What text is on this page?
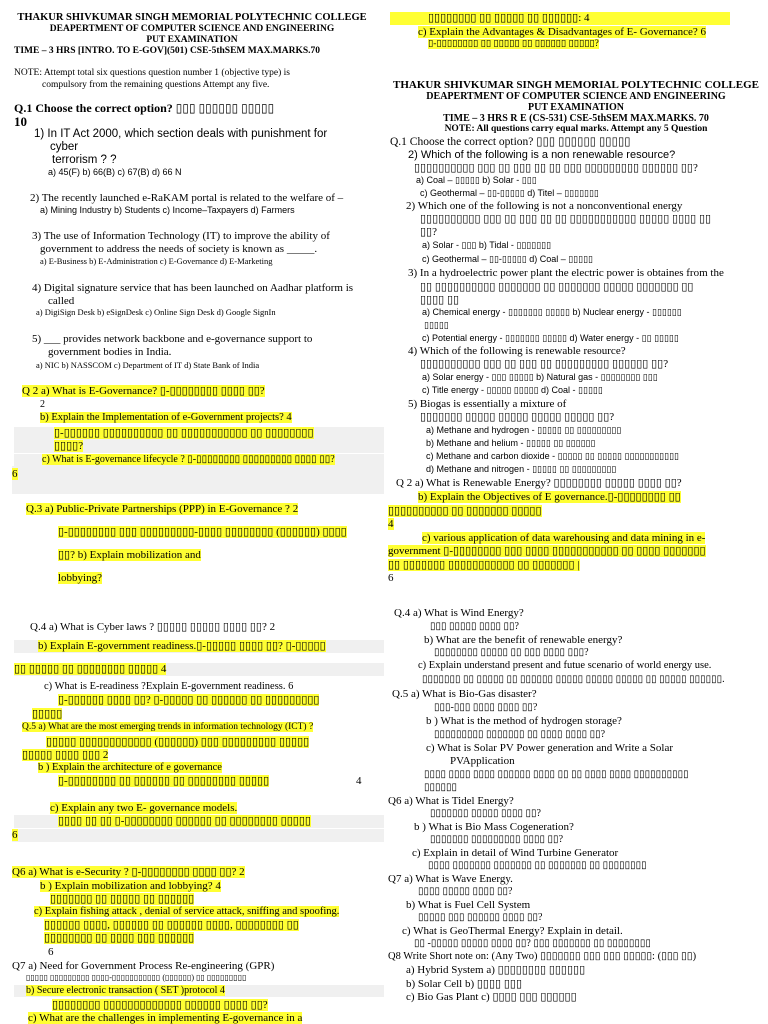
THAKUR SHIVKUMAR SINGH MEMORIAL POLYTECHNIC COLLEGE
DEAPERTMENT OF COMPUTER SCIENCE AND ENGINEERING
PUT EXAMINATION
TIME – 3 HRS [INTRO. TO E-GOV](501) CSE-5thSEM MAX.MARKS.70
NOTE: Attempt total six questions question number 1 (objective type) is
compulsory from the remaining questions Attempt any five.
Q.1 Choose the correct option? ▯▯▯ ▯▯▯▯▯▯ ▯▯▯▯▯
10
1) In IT Act 2000, which section deals with punishment for
cyber
terrorism ? ?
a) 45(F) b) 66(B) c) 67(B) d) 66 N
2) The recently launched e-RaKAM portal is related to the welfare of –
a) Mining Industry b) Students c) Income–Taxpayers d) Farmers
3) The use of Information Technology (IT) to improve the ability of
government to address the needs of society is known as _____.
a) E-Business b) E-Administration c) E-Governance d) E-Marketing
4) Digital signature service that has been launched on Aadhar platform is
called
a) DigiSign Desk b) eSignDesk c) Online Sign Desk d) Google SignIn
5) ___ provides network backbone and e-governance support to
government bodies in India.
a) NIC b) NASSCOM c) Department of IT d) State Bank of India
Q 2 a) What is E-Governance? ▯-▯▯▯▯▯▯▯▯ ▯▯▯▯ ▯▯?
2
b) Explain the Implementation of e-Government projects? 4
▯-▯▯▯▯▯▯ ▯▯▯▯▯▯▯▯▯▯ ▯▯ ▯▯▯▯▯▯▯▯▯▯▯ ▯▯ ▯▯▯▯▯▯▯▯
▯▯▯▯?
c) What is E-governance lifecycle ? ▯-▯▯▯▯▯▯▯▯ ▯▯▯▯▯▯▯▯▯ ▯▯▯▯ ▯▯?
6
Q.3 a) Public-Private Partnerships (PPP) in E-Governance ? 2
▯-▯▯▯▯▯▯▯▯ ▯▯▯ ▯▯▯▯▯▯▯▯▯-▯▯▯▯ ▯▯▯▯▯▯▯▯ (▯▯▯▯▯▯) ▯▯▯▯
▯▯? b) Explain mobilization and
lobbying?
Q.4 a) What is Cyber laws ? ▯▯▯▯▯ ▯▯▯▯▯ ▯▯▯▯ ▯▯? 2
b) Explain E-government readiness.▯-▯▯▯▯▯ ▯▯▯▯ ▯▯? ▯-▯▯▯▯▯
▯▯ ▯▯▯▯▯ ▯▯ ▯▯▯▯▯▯▯▯ ▯▯▯▯▯ 4
c) What is E-readiness ?Explain E-government readiness. 6
▯-▯▯▯▯▯▯ ▯▯▯▯ ▯▯? ▯-▯▯▯▯▯ ▯▯ ▯▯▯▯▯▯ ▯▯ ▯▯▯▯▯▯▯▯▯
▯▯▯▯▯
Q.5 a) What are the most emerging trends in information technology (ICT) ?
▯▯▯▯▯ ▯▯▯▯▯▯▯▯▯▯▯▯ (▯▯▯▯▯▯) ▯▯▯ ▯▯▯▯▯▯▯▯▯ ▯▯▯▯▯
▯▯▯▯▯ ▯▯▯▯ ▯▯▯ 2
b ) Explain the architecture of e governance
▯-▯▯▯▯▯▯▯▯ ▯▯ ▯▯▯▯▯▯ ▯▯ ▯▯▯▯▯▯▯▯ ▯▯▯▯▯	4
c) Explain any two E- governance models.
▯▯▯▯ ▯▯ ▯▯ ▯-▯▯▯▯▯▯▯▯ ▯▯▯▯▯▯ ▯▯ ▯▯▯▯▯▯▯▯ ▯▯▯▯▯
6
Q6 a) What is e-Security ? ▯-▯▯▯▯▯▯▯▯ ▯▯▯▯ ▯▯? 2
b ) Explain mobilization and lobbying? 4
▯▯▯▯▯▯▯ ▯▯ ▯▯▯▯▯ ▯▯ ▯▯▯▯▯▯
c) Explain fishing attack , denial of service attack, sniffing and spoofing.
▯▯▯▯▯▯ ▯▯▯▯, ▯▯▯▯▯▯ ▯▯ ▯▯▯▯▯▯ ▯▯▯▯, ▯▯▯▯▯▯▯▯ ▯▯
▯▯▯▯▯▯▯▯ ▯▯ ▯▯▯▯ ▯▯▯ ▯▯▯▯▯▯
6
Q7 a) Need for Government Process Re-engineering (GPR)
▯▯▯▯▯ ▯▯▯▯▯▯▯▯▯ ▯▯▯▯-▯▯▯▯▯▯▯▯▯▯▯ (▯▯▯▯▯▯) ▯▯ ▯▯▯▯▯▯▯▯▯
b) Secure electronic transaction ( SET )protocol 4
▯▯▯▯▯▯▯▯ ▯▯▯▯▯▯▯▯▯▯▯▯▯ ▯▯▯▯▯▯ ▯▯▯▯ ▯▯?
c) What are the challenges in implementing E-governance in a
▯▯▯▯▯▯▯▯ ▯▯ ▯▯▯▯▯ ▯▯ ▯▯▯▯▯▯: 4
c) Explain the Advantages & Disadvantages of E- Governance? 6
▯-▯▯▯▯▯▯▯▯ ▯▯ ▯▯▯▯▯ ▯▯ ▯▯▯▯▯▯ ▯▯▯▯▯?
THAKUR SHIVKUMAR SINGH MEMORIAL POLYTECHNIC COLLEGE
DEAPERTMENT OF COMPUTER SCIENCE AND ENGINEERING
PUT EXAMINATION
TIME – 3 HRS R E (CS-531) CSE-5thSEM MAX.MARKS. 70
NOTE: All questions carry equal marks. Attempt any 5 Question
Q.1 Choose the correct option? ▯▯▯ ▯▯▯▯▯▯ ▯▯▯▯▯
2) Which of the following is a non renewable resource?
▯▯▯▯▯▯▯▯▯▯ ▯▯▯ ▯▯ ▯▯▯ ▯▯ ▯▯ ▯▯▯ ▯▯▯▯▯▯▯▯▯ ▯▯▯▯▯▯ ▯▯?
a) Coal – ▯▯▯▯▯ b) Solar - ▯▯▯
c) Geothermal – ▯▯-▯▯▯▯▯ d) Titel – ▯▯▯▯▯▯▯
2) Which one of the following is not a nonconventional energy
▯▯▯▯▯▯▯▯▯▯ ▯▯▯ ▯▯ ▯▯▯ ▯▯ ▯▯ ▯▯▯▯▯▯▯▯▯▯▯ ▯▯▯▯▯ ▯▯▯▯ ▯▯
▯▯?
a) Solar - ▯▯▯ b) Tidal - ▯▯▯▯▯▯▯
c) Geothermal – ▯▯-▯▯▯▯▯ d) Coal – ▯▯▯▯▯
3) In a hydroelectric power plant the electric power is obtaines from the
▯▯ ▯▯▯▯▯▯▯▯▯▯ ▯▯▯▯▯▯▯ ▯▯ ▯▯▯▯▯▯▯ ▯▯▯▯▯ ▯▯▯▯▯▯▯ ▯▯
▯▯▯▯ ▯▯
a) Chemical energy - ▯▯▯▯▯▯▯ ▯▯▯▯▯ b) Nuclear energy - ▯▯▯▯▯▯
▯▯▯▯▯
c) Potential energy - ▯▯▯▯▯▯▯ ▯▯▯▯▯ d) Water energy - ▯▯ ▯▯▯▯▯
4) Which of the following is renewable resource?
▯▯▯▯▯▯▯▯▯▯ ▯▯▯ ▯▯ ▯▯▯ ▯▯ ▯▯▯▯▯▯▯▯▯ ▯▯▯▯▯▯ ▯▯?
a) Solar energy - ▯▯▯ ▯▯▯▯▯ b) Natural gas - ▯▯▯▯▯▯▯▯ ▯▯▯
c) Title energy - ▯▯▯▯▯ ▯▯▯▯▯ d) Coal - ▯▯▯▯▯
5) Biogas is essentially a mixture of
▯▯▯▯▯▯▯ ▯▯▯▯▯ ▯▯▯▯▯ ▯▯▯▯▯ ▯▯▯▯▯ ▯▯?
a) Methane and hydrogen - ▯▯▯▯▯ ▯▯ ▯▯▯▯▯▯▯▯▯
b) Methane and helium - ▯▯▯▯▯ ▯▯ ▯▯▯▯▯▯
c) Methane and carbon dioxide - ▯▯▯▯▯ ▯▯ ▯▯▯▯▯ ▯▯▯▯▯▯▯▯▯▯▯
d) Methane and nitrogen - ▯▯▯▯▯ ▯▯ ▯▯▯▯▯▯▯▯▯
Q 2 a) What is Renewable Energy? ▯▯▯▯▯▯▯▯ ▯▯▯▯▯ ▯▯▯▯ ▯▯?
b) Explain the Objectives of E governance.▯-▯▯▯▯▯▯▯▯ ▯▯
▯▯▯▯▯▯▯▯▯▯ ▯▯ ▯▯▯▯▯▯▯ ▯▯▯▯▯
4
c) various application of data warehousing and data mining in e-
government ▯-▯▯▯▯▯▯▯▯ ▯▯▯ ▯▯▯▯ ▯▯▯▯▯▯▯▯▯▯▯ ▯▯ ▯▯▯▯ ▯▯▯▯▯▯▯
▯▯ ▯▯▯▯▯▯▯ ▯▯▯▯▯▯▯▯▯▯▯ ▯▯ ▯▯▯▯▯▯▯ |
6
Q.4 a) What is Wind Energy?
▯▯▯ ▯▯▯▯▯ ▯▯▯▯ ▯▯?
b) What are the benefit of renewable energy?
▯▯▯▯▯▯▯▯ ▯▯▯▯▯ ▯▯ ▯▯▯ ▯▯▯▯ ▯▯▯?
c) Explain understand present and futue scenario of world energy use.
▯▯▯▯▯▯▯ ▯▯ ▯▯▯▯▯ ▯▯ ▯▯▯▯▯▯ ▯▯▯▯▯ ▯▯▯▯▯ ▯▯▯▯▯ ▯▯ ▯▯▯▯▯ ▯▯▯▯▯▯.
Q.5 a) What is Bio-Gas disaster?
▯▯▯-▯▯▯ ▯▯▯▯ ▯▯▯▯ ▯▯?
b ) What is the method of hydrogen storage?
▯▯▯▯▯▯▯▯▯ ▯▯▯▯▯▯▯ ▯▯ ▯▯▯▯ ▯▯▯▯ ▯▯?
c) What is Solar PV Power generation and Write a Solar
PVApplication
▯▯▯▯ ▯▯▯▯ ▯▯▯▯ ▯▯▯▯▯▯ ▯▯▯▯ ▯▯ ▯▯ ▯▯▯▯ ▯▯▯▯ ▯▯▯▯▯▯▯▯▯▯
▯▯▯▯▯▯
Q6 a) What is Tidel Energy?
▯▯▯▯▯▯▯ ▯▯▯▯▯ ▯▯▯▯ ▯▯?
b ) What is Bio Mass Cogeneration?
▯▯▯▯▯▯▯ ▯▯▯▯▯▯▯▯▯ ▯▯▯▯ ▯▯?
c) Explain in detail of Wind Turbine Generator
▯▯▯▯ ▯▯▯▯▯▯▯ ▯▯▯▯▯▯▯ ▯▯ ▯▯▯▯▯▯▯ ▯▯ ▯▯▯▯▯▯▯▯
Q7 a) What is Wave Energy.
▯▯▯▯ ▯▯▯▯▯ ▯▯▯▯ ▯▯?
b) What is Fuel Cell System
▯▯▯▯▯ ▯▯▯ ▯▯▯▯▯▯ ▯▯▯▯ ▯▯?
c) What is GeoThermal Energy? Explain in detail.
▯▯ -▯▯▯▯▯ ▯▯▯▯▯ ▯▯▯▯ ▯▯? ▯▯▯ ▯▯▯▯▯▯▯ ▯▯ ▯▯▯▯▯▯▯▯
Q8 Write Short note on: (Any Two) ▯▯▯▯▯▯▯ ▯▯▯ ▯▯▯ ▯▯▯▯▯: (▯▯▯ ▯▯)
a) Hybrid System a) ▯▯▯▯▯▯▯▯ ▯▯▯▯▯▯
b) Solar Cell b) ▯▯▯▯ ▯▯▯
c) Bio Gas Plant c) ▯▯▯▯ ▯▯▯ ▯▯▯▯▯▯
